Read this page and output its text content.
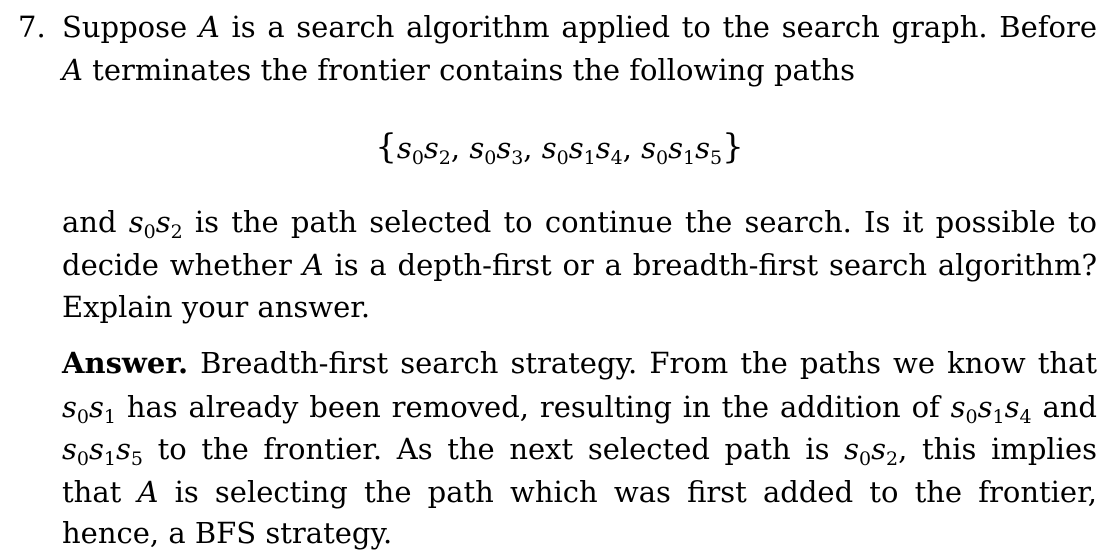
7. Suppose A is a search algorithm applied to the search graph. Before
A terminates the frontier contains the following paths
{$s_0s_2$, $s_0s_3$, $s_0s_1s_4$, $s_0s_1s_5$}
and $s_0s_2$ is the path selected to continue the search. Is it possible to
decide whether A is a depth-first or a breadth-first search algorithm?
Explain your answer.
Answer. Breadth-first search strategy. From the paths we know that
$s_0s_1$ has already been removed, resulting in the addition of $s_0s_1s_4$ and
$s_0s_1s_5$ to the frontier. As the next selected path is $s_0s_2$, this implies
that A is selecting the path which was first added to the frontier,
hence, a BFS strategy.
